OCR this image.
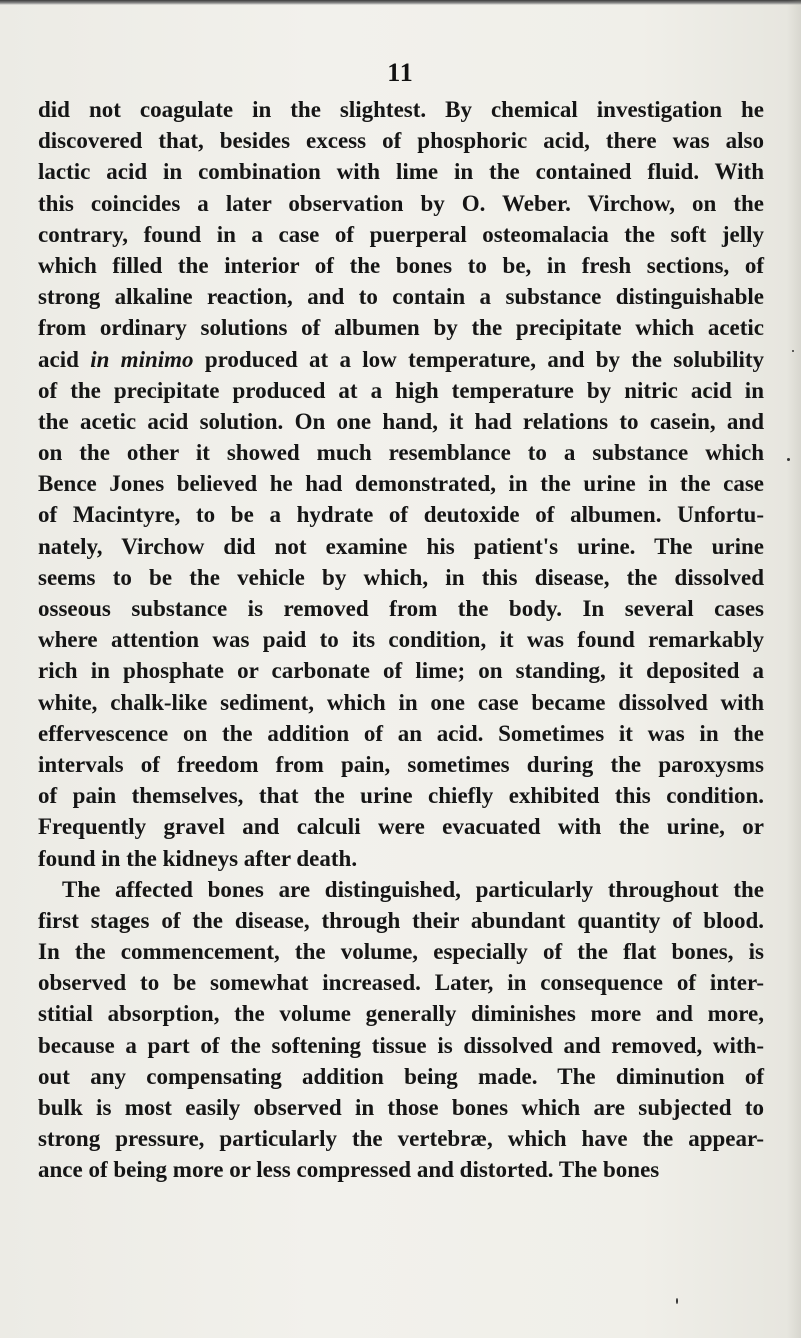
11
did not coagulate in the slightest. By chemical investigation he
discovered that, besides excess of phosphoric acid, there was also
lactic acid in combination with lime in the contained fluid. With
this coincides a later observation by O. Weber. Virchow, on the
contrary, found in a case of puerperal osteomalacia the soft jelly
which filled the interior of the bones to be, in fresh sections, of
strong alkaline reaction, and to contain a substance distinguishable
from ordinary solutions of albumen by the precipitate which acetic
acid in minimo produced at a low temperature, and by the solubility
of the precipitate produced at a high temperature by nitric acid in
the acetic acid solution. On one hand, it had relations to casein, and
on the other it showed much resemblance to a substance which
Bence Jones believed he had demonstrated, in the urine in the case
of Macintyre, to be a hydrate of deutoxide of albumen. Unfortu-
nately, Virchow did not examine his patient's urine. The urine
seems to be the vehicle by which, in this disease, the dissolved
osseous substance is removed from the body. In several cases
where attention was paid to its condition, it was found remarkably
rich in phosphate or carbonate of lime; on standing, it deposited a
white, chalk-like sediment, which in one case became dissolved with
effervescence on the addition of an acid. Sometimes it was in the
intervals of freedom from pain, sometimes during the paroxysms
of pain themselves, that the urine chiefly exhibited this condition.
Frequently gravel and calculi were evacuated with the urine, or
found in the kidneys after death.
The affected bones are distinguished, particularly throughout the
first stages of the disease, through their abundant quantity of blood.
In the commencement, the volume, especially of the flat bones, is
observed to be somewhat increased. Later, in consequence of inter-
stitial absorption, the volume generally diminishes more and more,
because a part of the softening tissue is dissolved and removed, with-
out any compensating addition being made. The diminution of
bulk is most easily observed in those bones which are subjected to
strong pressure, particularly the vertebræ, which have the appear-
ance of being more or less compressed and distorted. The bones
